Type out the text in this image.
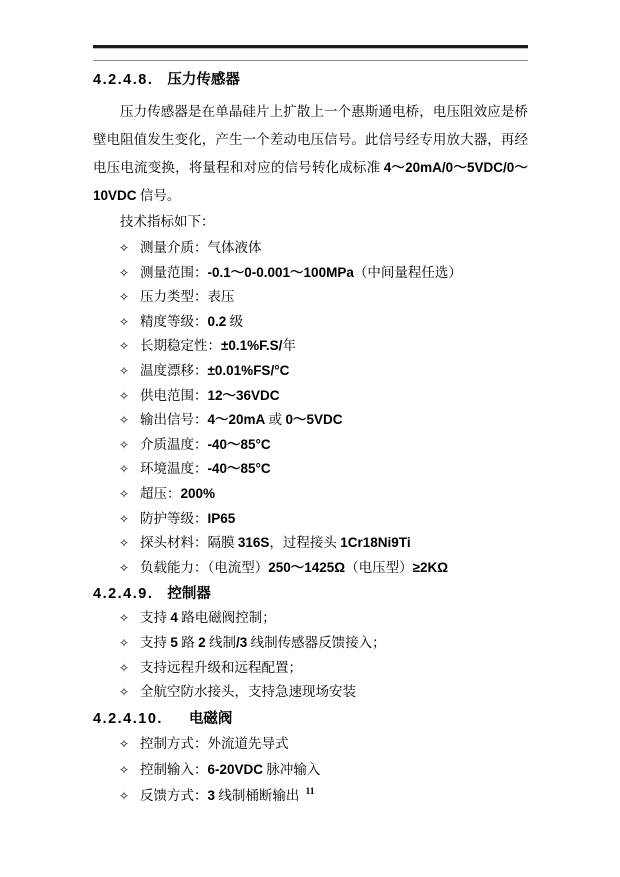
4.2.4.8. 压力传感器

压力传感器是在单晶硅片上扩散上一个惠斯通电桥，电压阻效应是桥壁电阻值发生变化，产生一个差动电压信号。此信号经专用放大器，再经电压电流变换，将量程和对应的信号转化成标准 4～20mA/0～5VDC/0～10VDC 信号。

技术指标如下：
✧ 测量介质：气体液体
✧ 测量范围：-0.1～0-0.001～100MPa（中间量程任选）
✧ 压力类型：表压
✧ 精度等级：0.2 级
✧ 长期稳定性：±0.1%F.S/年
✧ 温度漂移：±0.01%FS/°C
✧ 供电范围：12～36VDC
✧ 输出信号：4～20mA 或 0～5VDC
✧ 介质温度：-40～85°C
✧ 环境温度：-40～85°C
✧ 超压：200%
✧ 防护等级：IP65
✧ 探头材料：隔膜 316S，过程接头 1Cr18Ni9Ti
✧ 负载能力：（电流型）250～1425Ω（电压型）≥2KΩ
4.2.4.9. 控制器
✧ 支持 4 路电磁阀控制；
✧ 支持 5 路 2 线制/3 线制传感器反馈接入；
✧ 支持远程升级和远程配置；
✧ 全航空防水接头，支持急速现场安装
4.2.4.10. 电磁阀
✧ 控制方式：外流道先导式
✧ 控制输入：6-20VDC 脉冲输入
✧ 反馈方式：3 线制桶断输出 11
